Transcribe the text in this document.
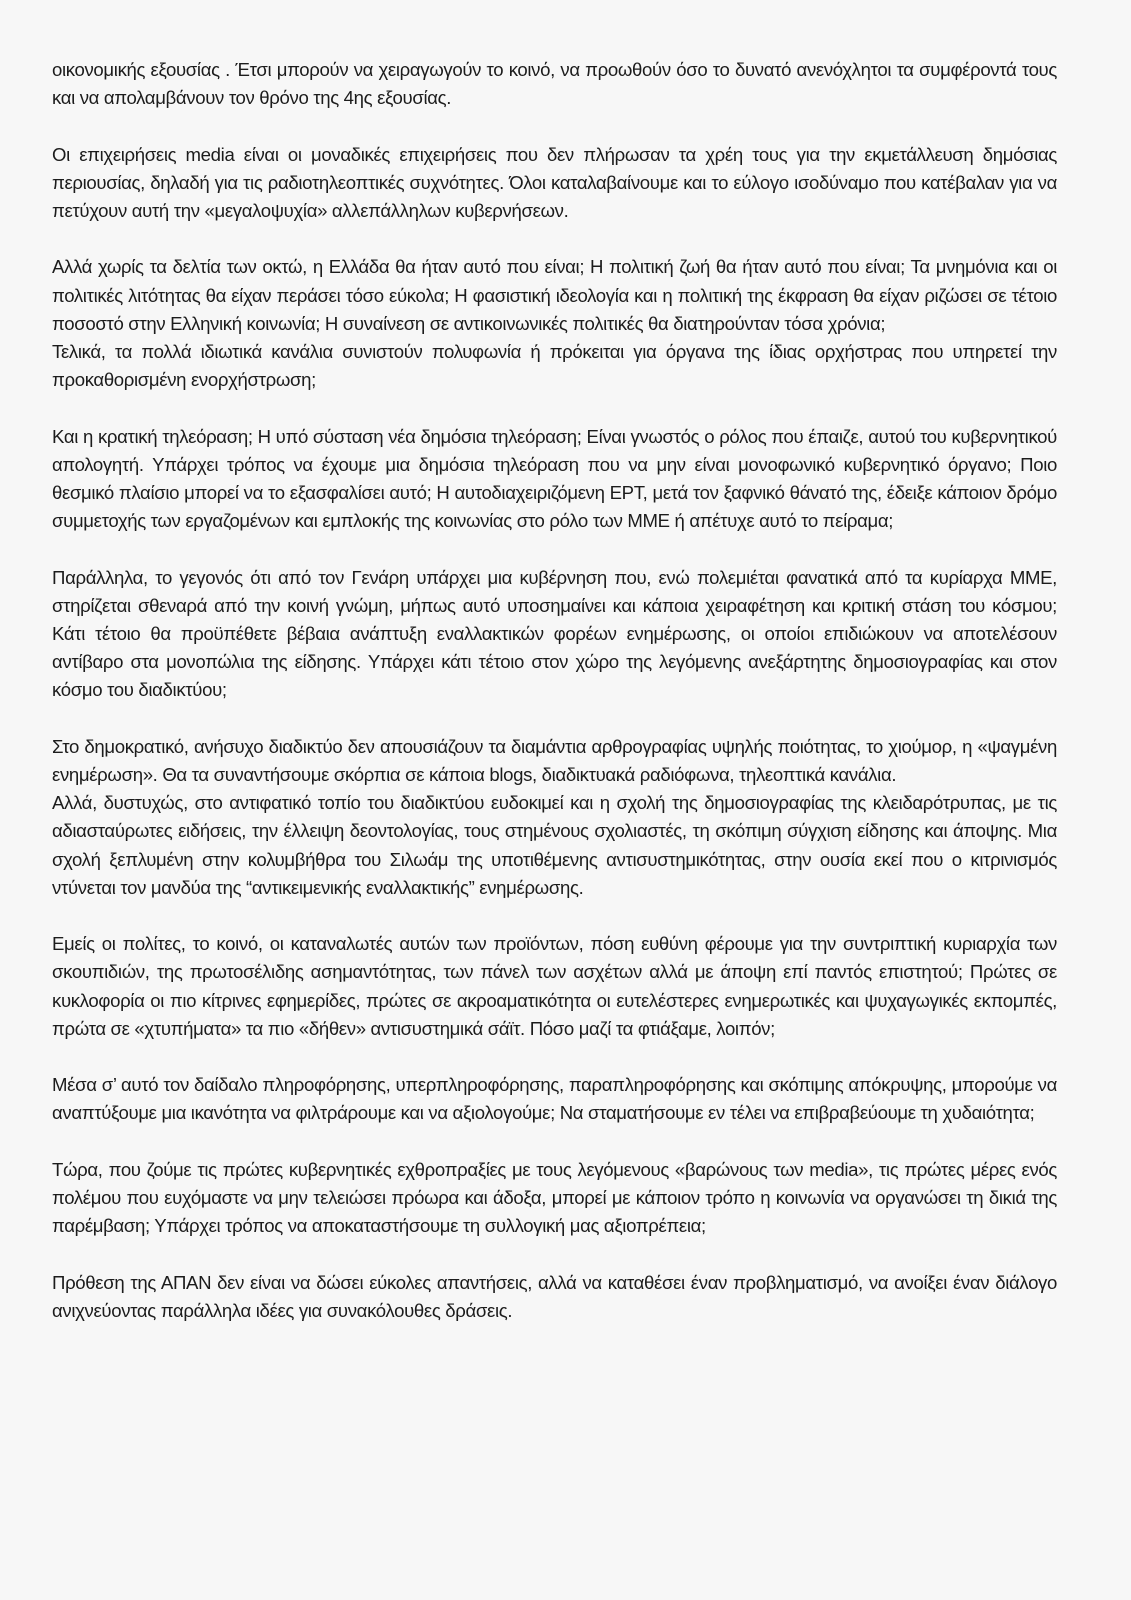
οικονομικής εξουσίας . Έτσι μπορούν να χειραγωγούν το κοινό, να προωθούν όσο το δυνατό ανενόχλητοι τα συμφέροντά τους και να απολαμβάνουν τον θρόνο της 4ης εξουσίας.

Οι επιχειρήσεις media είναι οι μοναδικές επιχειρήσεις που δεν πλήρωσαν τα χρέη τους για την εκμετάλλευση δημόσιας περιουσίας, δηλαδή για τις ραδιοτηλεοπτικές συχνότητες. Όλοι καταλαβαίνουμε και το εύλογο ισοδύναμο που κατέβαλαν για να πετύχουν αυτή την «μεγαλοψυχία» αλλεπάλληλων κυβερνήσεων.

Αλλά χωρίς τα δελτία των οκτώ, η Ελλάδα θα ήταν αυτό που είναι; Η πολιτική ζωή θα ήταν αυτό που είναι; Τα μνημόνια και οι πολιτικές λιτότητας θα είχαν περάσει τόσο εύκολα; Η φασιστική ιδεολογία και η πολιτική της έκφραση θα είχαν ριζώσει σε τέτοιο ποσοστό στην Ελληνική κοινωνία; Η συναίνεση σε αντικοινωνικές πολιτικές θα διατηρούνταν τόσα χρόνια;

Τελικά, τα πολλά ιδιωτικά κανάλια συνιστούν πολυφωνία ή πρόκειται για όργανα της ίδιας ορχήστρας που υπηρετεί την προκαθορισμένη ενορχήστρωση;

Και η κρατική τηλεόραση; Η υπό σύσταση νέα δημόσια τηλεόραση; Είναι γνωστός ο ρόλος που έπαιζε, αυτού του κυβερνητικού απολογητή. Υπάρχει τρόπος να έχουμε μια δημόσια τηλεόραση που να μην είναι μονοφωνικό κυβερνητικό όργανο; Ποιο θεσμικό πλαίσιο μπορεί να το εξασφαλίσει αυτό; Η αυτοδιαχειριζόμενη ΕΡΤ, μετά τον ξαφνικό θάνατό της, έδειξε κάποιον δρόμο συμμετοχής των εργαζομένων και εμπλοκής της κοινωνίας στο ρόλο των ΜΜΕ ή απέτυχε αυτό το πείραμα;

Παράλληλα, το γεγονός ότι από τον Γενάρη υπάρχει μια κυβέρνηση που, ενώ πολεμιέται φανατικά από τα κυρίαρχα ΜΜΕ, στηρίζεται σθεναρά από την κοινή γνώμη, μήπως αυτό υποσημαίνει και κάποια χειραφέτηση και κριτική στάση του κόσμου; Κάτι τέτοιο θα προϋπέθετε βέβαια ανάπτυξη εναλλακτικών φορέων ενημέρωσης, οι οποίοι επιδιώκουν να αποτελέσουν αντίβαρο στα μονοπώλια της είδησης. Υπάρχει κάτι τέτοιο στον χώρο της λεγόμενης ανεξάρτητης δημοσιογραφίας και στον κόσμο του διαδικτύου;

Στο δημοκρατικό, ανήσυχο διαδικτύο δεν απουσιάζουν τα διαμάντια αρθρογραφίας υψηλής ποιότητας, το χιούμορ, η «ψαγμένη ενημέρωση». Θα τα συναντήσουμε σκόρπια σε κάποια blogs, διαδικτυακά ραδιόφωνα, τηλεοπτικά κανάλια.

Αλλά, δυστυχώς, στο αντιφατικό τοπίο του διαδικτύου ευδοκιμεί και η σχολή της δημοσιογραφίας της κλειδαρότρυπας, με τις αδιασταύρωτες ειδήσεις, την έλλειψη δεοντολογίας, τους στημένους σχολιαστές, τη σκόπιμη σύγχιση είδησης και άποψης. Μια σχολή ξεπλυμένη στην κολυμβήθρα του Σιλωάμ της υποτιθέμενης αντισυστημικότητας, στην ουσία εκεί που ο κιτρινισμός ντύνεται τον μανδύα της “αντικειμενικής εναλλακτικής” ενημέρωσης.

Εμείς οι πολίτες, το κοινό, οι καταναλωτές αυτών των προϊόντων, πόση ευθύνη φέρουμε για την συντριπτική κυριαρχία των σκουπιδιών, της πρωτοσέλιδης ασημαντότητας, των πάνελ των ασχέτων αλλά με άποψη επί παντός επιστητού; Πρώτες σε κυκλοφορία οι πιο κίτρινες εφημερίδες, πρώτες σε ακροαματικότητα οι ευτελέστερες ενημερωτικές και ψυχαγωγικές εκπομπές, πρώτα σε «χτυπήματα» τα πιο «δήθεν» αντισυστημικά σάϊτ. Πόσο μαζί τα φτιάξαμε, λοιπόν;

Μέσα σ’ αυτό τον δαίδαλο πληροφόρησης, υπερπληροφόρησης, παραπληροφόρησης και σκόπιμης απόκρυψης, μπορούμε να αναπτύξουμε μια ικανότητα να φιλτράρουμε και να αξιολογούμε; Να σταματήσουμε εν τέλει να επιβραβεύουμε τη χυδαιότητα;

Τώρα, που ζούμε τις πρώτες κυβερνητικές εχθροπραξίες με τους λεγόμενους «βαρώνους των media», τις πρώτες μέρες ενός πολέμου που ευχόμαστε να μην τελειώσει πρόωρα και άδοξα, μπορεί με κάποιον τρόπο η κοινωνία να οργανώσει τη δικιά της παρέμβαση; Υπάρχει τρόπος να αποκαταστήσουμε τη συλλογική μας αξιοπρέπεια;

Πρόθεση της ΑΠΑΝ δεν είναι να δώσει εύκολες απαντήσεις, αλλά να καταθέσει έναν προβληματισμό, να ανοίξει έναν διάλογο ανιχνεύοντας παράλληλα ιδέες για συνακόλουθες δράσεις.
